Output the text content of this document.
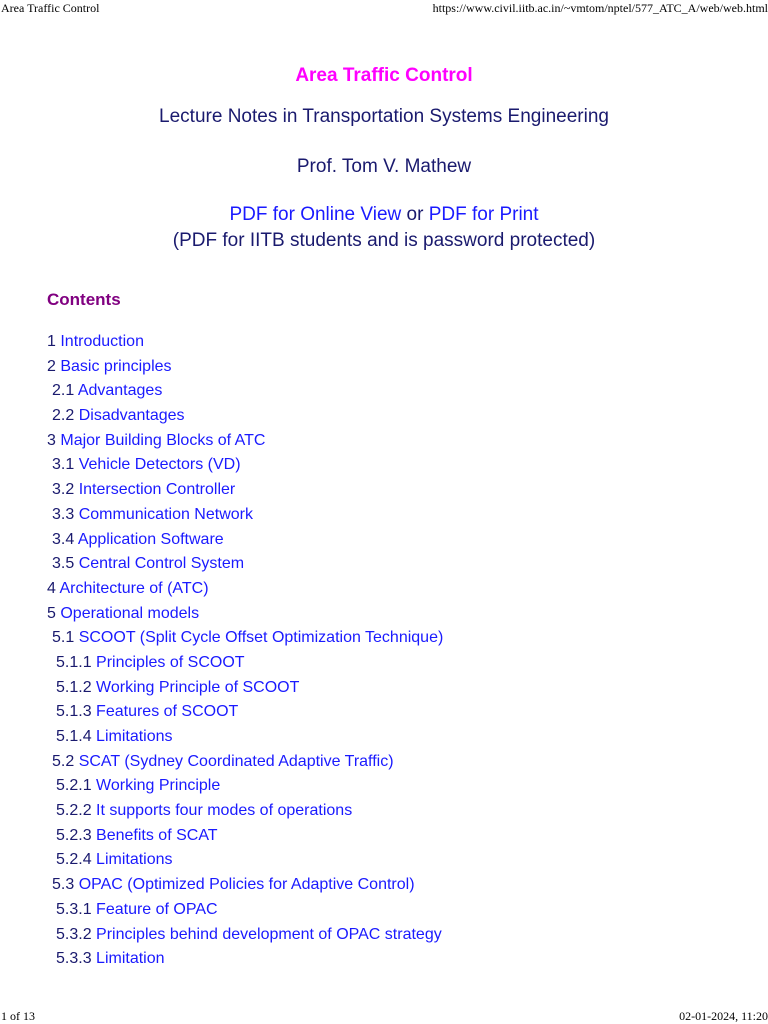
Area Traffic Control	https://www.civil.iitb.ac.in/~vmtom/nptel/577_ATC_A/web/web.html
Area Traffic Control
Lecture Notes in Transportation Systems Engineering
Prof. Tom V. Mathew
PDF for Online View or PDF for Print
(PDF for IITB students and is password protected)
Contents
1 Introduction
2 Basic principles
2.1 Advantages
2.2 Disadvantages
3 Major Building Blocks of ATC
3.1 Vehicle Detectors (VD)
3.2 Intersection Controller
3.3 Communication Network
3.4 Application Software
3.5 Central Control System
4 Architecture of (ATC)
5 Operational models
5.1 SCOOT (Split Cycle Offset Optimization Technique)
5.1.1 Principles of SCOOT
5.1.2 Working Principle of SCOOT
5.1.3 Features of SCOOT
5.1.4 Limitations
5.2 SCAT (Sydney Coordinated Adaptive Traffic)
5.2.1 Working Principle
5.2.2 It supports four modes of operations
5.2.3 Benefits of SCAT
5.2.4 Limitations
5.3 OPAC (Optimized Policies for Adaptive Control)
5.3.1 Feature of OPAC
5.3.2 Principles behind development of OPAC strategy
5.3.3 Limitation
1 of 13	02-01-2024, 11:20
